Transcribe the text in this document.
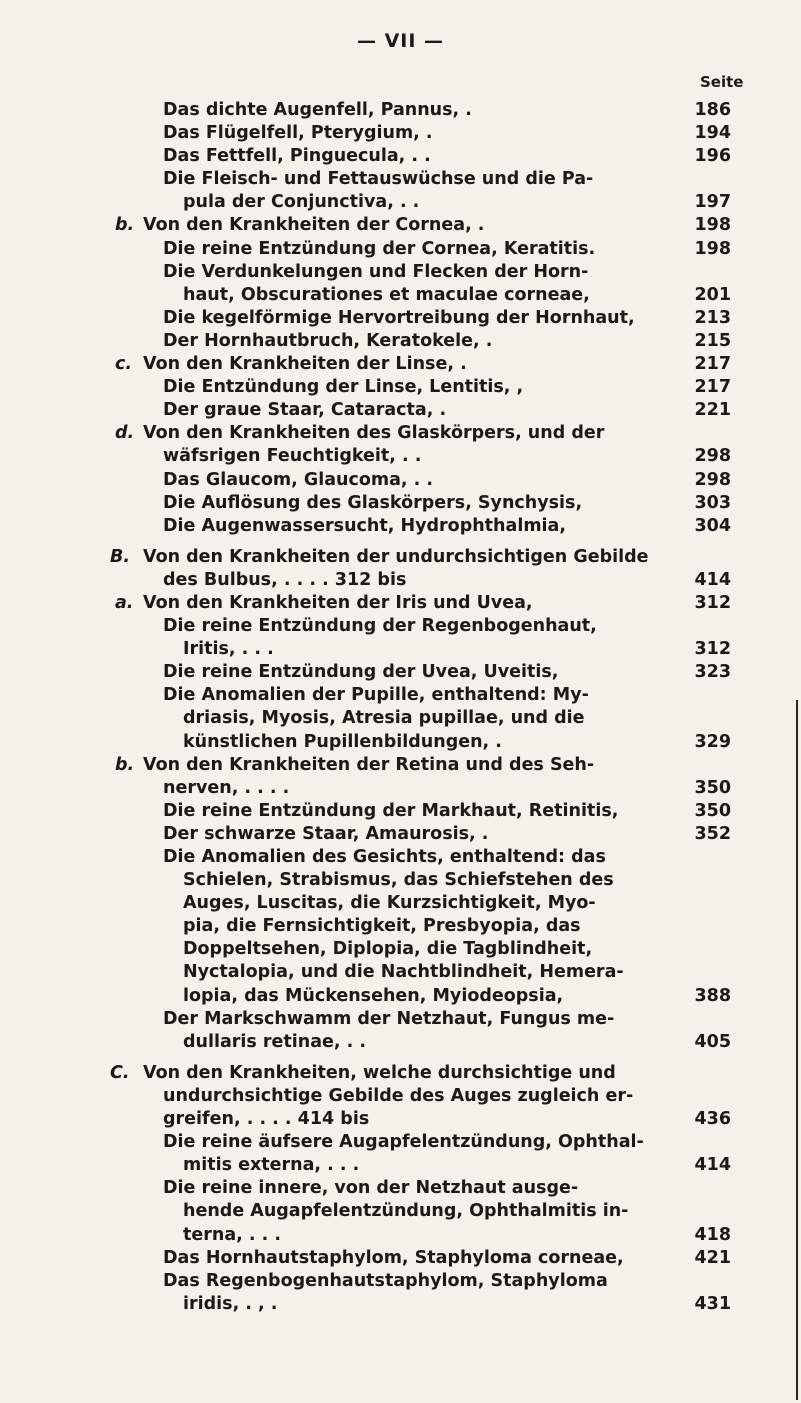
— VII —
Seite
Das dichte Augenfell, Pannus, .	186
Das Flügelfell, Pterygium, .	194
Das Fettfell, Pinguecula, . .	196
Die Fleisch- und Fettauswüchse und die Pa-
pula der Conjunctiva, . .	197
b. Von den Krankheiten der Cornea, .	198
Die reine Entzündung der Cornea, Keratitis.	198
Die Verdunkelungen und Flecken der Horn-
haut, Obscurationes et maculae corneae,	201
Die kegelförmige Hervortreibung der Hornhaut,	213
Der Hornhautbruch, Keratokele, .	215
c. Von den Krankheiten der Linse, .	217
Die Entzündung der Linse, Lentitis, ,	217
Der graue Staar, Cataracta, .	221
d. Von den Krankheiten des Glaskörpers, und der
wäfsrigen Feuchtigkeit, . .	298
Das Glaucom, Glaucoma, . .	298
Die Auflösung des Glaskörpers, Synchysis,	303
Die Augenwassersucht, Hydrophthalmia,	304
B. Von den Krankheiten der undurchsichtigen Gebilde
des Bulbus, . . . . 312 bis	414
a. Von den Krankheiten der Iris und Uvea,	312
Die reine Entzündung der Regenbogenhaut,
Iritis, . . .	312
Die reine Entzündung der Uvea, Uveitis,	323
Die Anomalien der Pupille, enthaltend: My-
driasis, Myosis, Atresia pupillae, und die
künstlichen Pupillenbildungen, .	329
b. Von den Krankheiten der Retina und des Seh-
nerven, . . . .	350
Die reine Entzündung der Markhaut, Retinitis,	350
Der schwarze Staar, Amaurosis, .	352
Die Anomalien des Gesichts, enthaltend: das
Schielen, Strabismus, das Schiefstehen des
Auges, Luscitas, die Kurzsichtigkeit, Myo-
pia, die Fernsichtigkeit, Presbyopia, das
Doppeltsehen, Diplopia, die Tagblindheit,
Nyctalopia, und die Nachtblindheit, Hemera-
lopia, das Mückensehen, Myiodeopsia,	388
Der Markschwamm der Netzhaut, Fungus me-
dullaris retinae, . .	405
C. Von den Krankheiten, welche durchsichtige und
undurchsichtige Gebilde des Auges zugleich er-
greifen, . . . . 414 bis	436
Die reine äufsere Augapfelentzündung, Ophthal-
mitis externa, . . .	414
Die reine innere, von der Netzhaut ausge-
hende Augapfelentzündung, Ophthalmitis in-
terna, . . .	418
Das Hornhautstaphylom, Staphyloma corneae,	421
Das Regenbogenhautstaphylom, Staphyloma
iridis, . , .	431
